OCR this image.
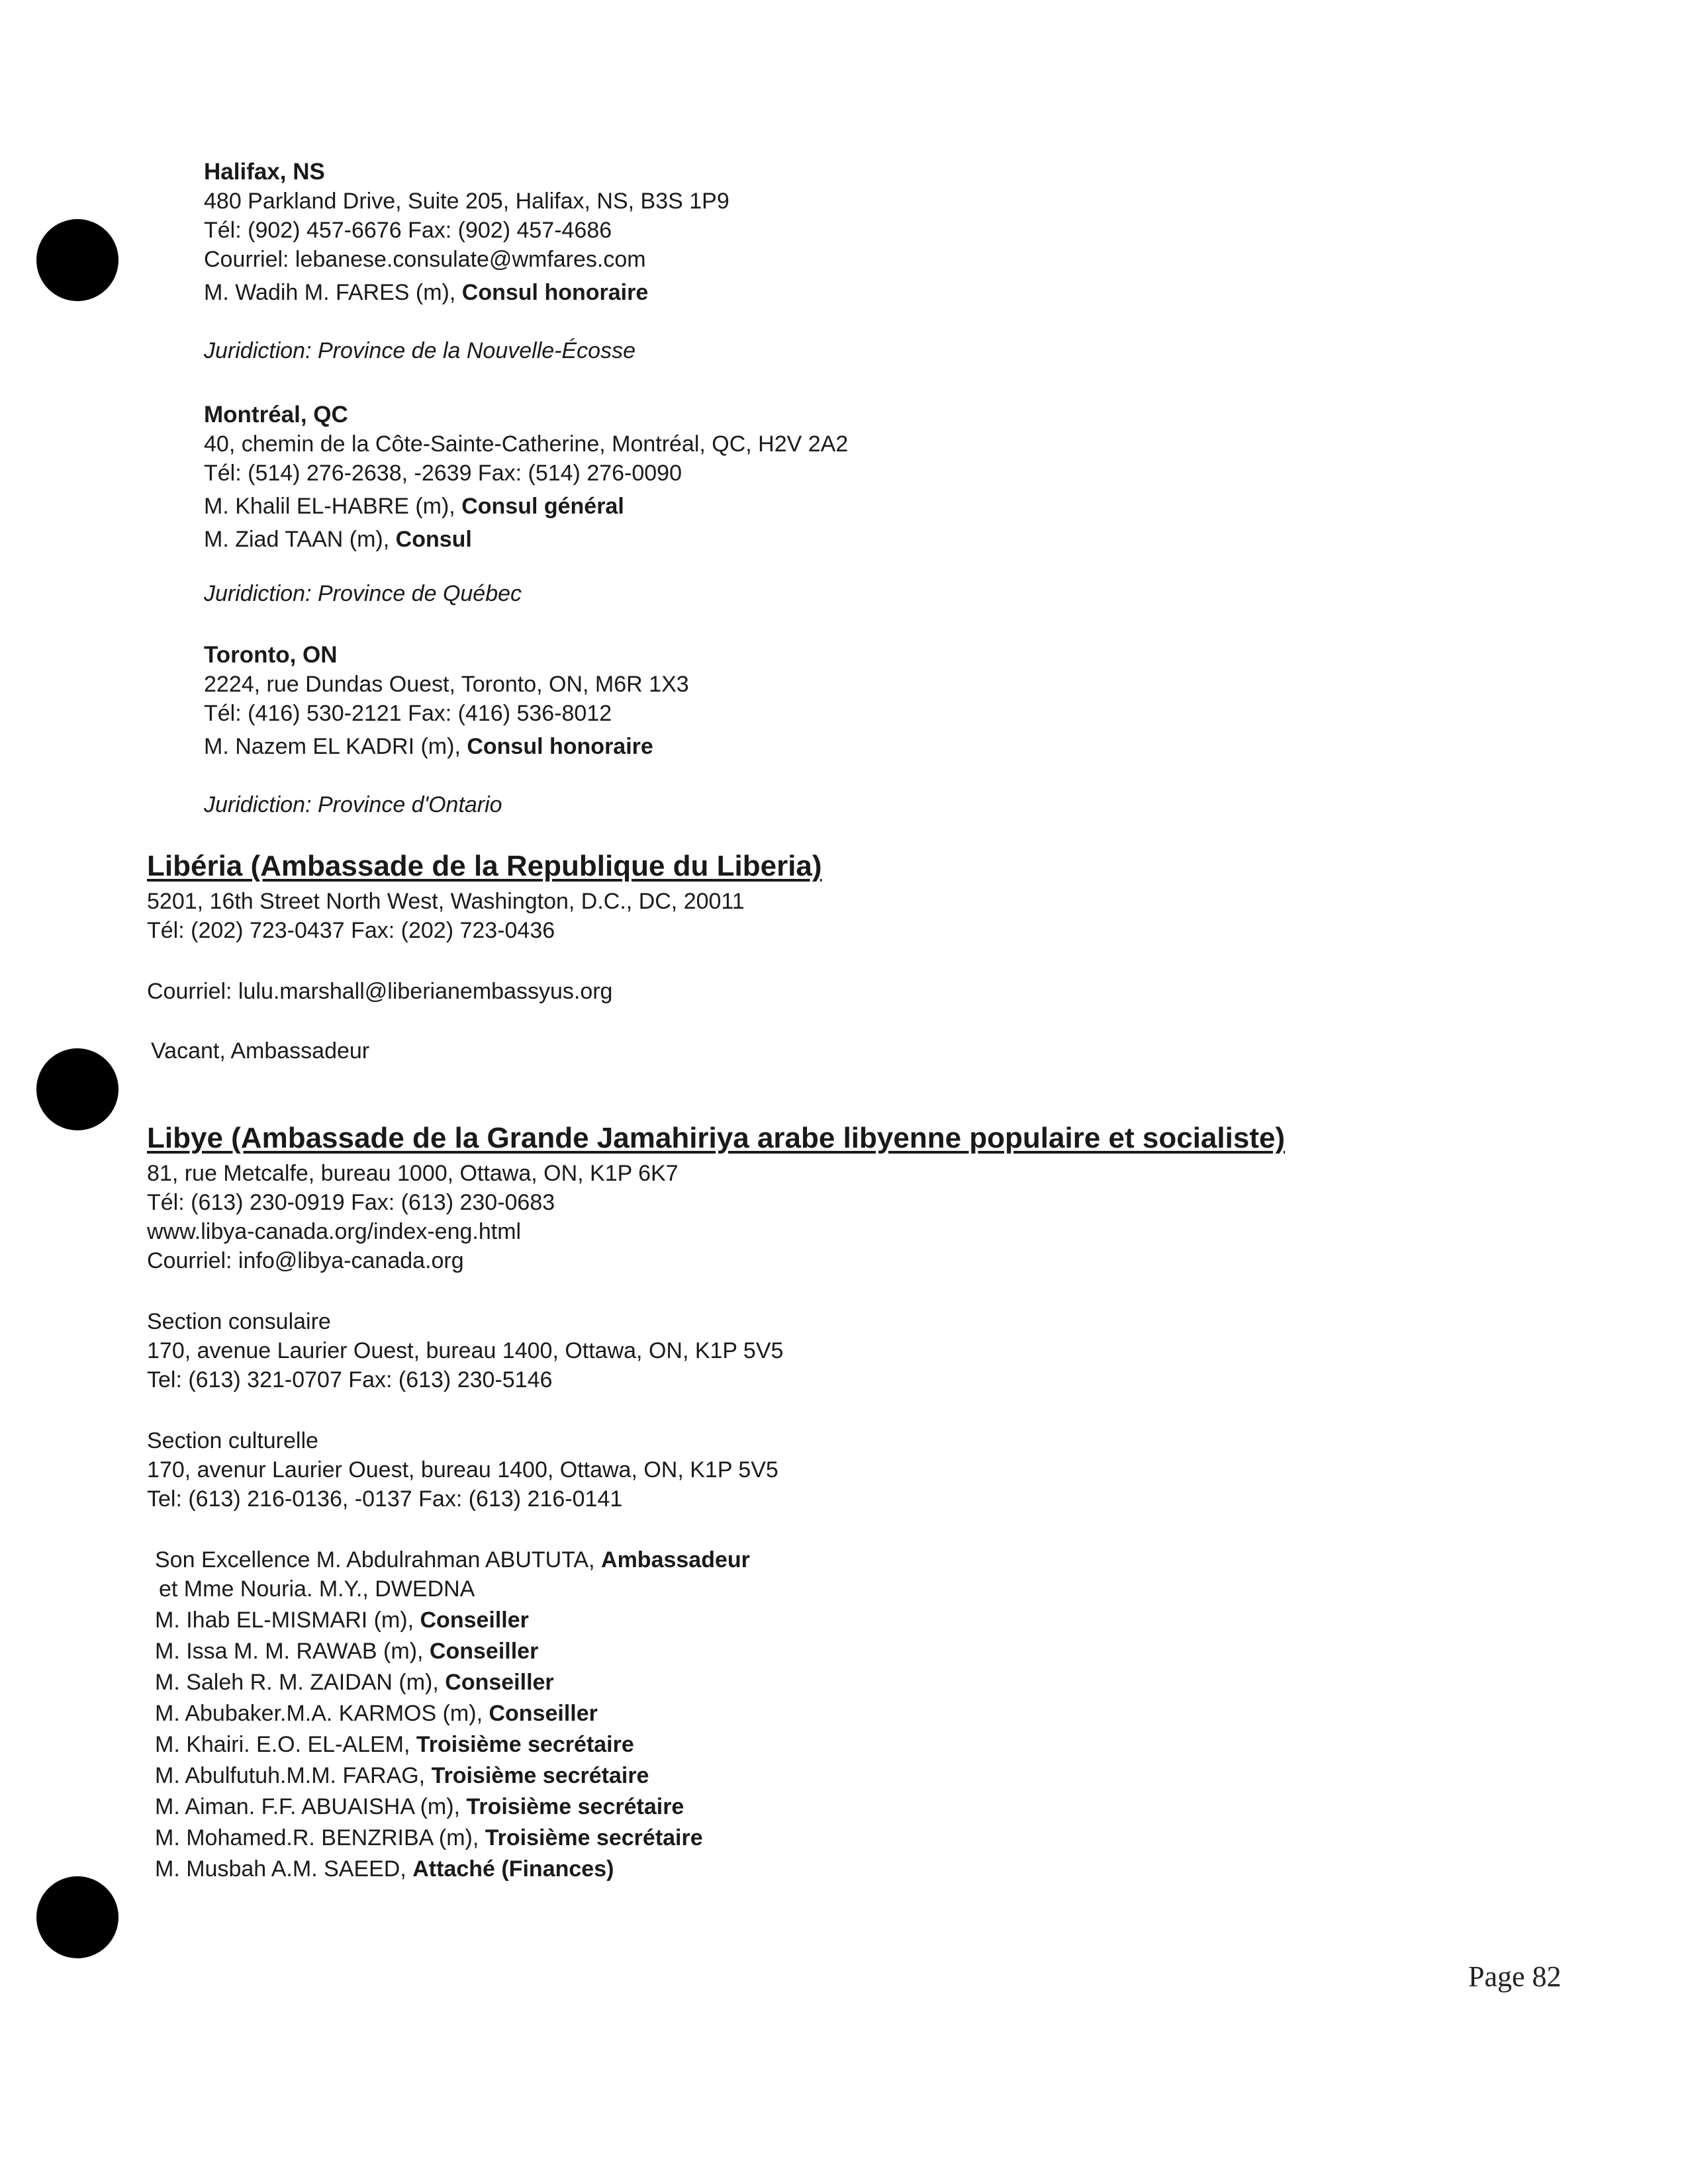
Halifax, NS
480 Parkland Drive, Suite 205, Halifax, NS, B3S 1P9
Tél: (902) 457-6676 Fax: (902) 457-4686
Courriel: lebanese.consulate@wmfares.com
M. Wadih M. FARES (m), Consul honoraire
Juridiction: Province de la Nouvelle-Écosse
Montréal, QC
40, chemin de la Côte-Sainte-Catherine, Montréal, QC, H2V 2A2
Tél: (514) 276-2638, -2639 Fax: (514) 276-0090
M. Khalil EL-HABRE (m), Consul général
M. Ziad TAAN (m), Consul
Juridiction: Province de Québec
Toronto, ON
2224, rue Dundas Ouest, Toronto, ON, M6R 1X3
Tél: (416) 530-2121 Fax: (416) 536-8012
M. Nazem EL KADRI (m), Consul honoraire
Juridiction: Province d'Ontario
Libéria (Ambassade de la Republique du Liberia)
5201, 16th Street North West, Washington, D.C., DC, 20011
Tél: (202) 723-0437 Fax: (202) 723-0436
Courriel: lulu.marshall@liberianembassyus.org
Vacant, Ambassadeur
Libye (Ambassade de la Grande Jamahiriya arabe libyenne populaire et socialiste)
81, rue Metcalfe, bureau 1000, Ottawa, ON, K1P 6K7
Tél: (613) 230-0919 Fax: (613) 230-0683
www.libya-canada.org/index-eng.html
Courriel: info@libya-canada.org
Section consulaire
170, avenue Laurier Ouest, bureau 1400, Ottawa, ON, K1P 5V5
Tel: (613) 321-0707 Fax: (613) 230-5146
Section culturelle
170, avenur Laurier Ouest, bureau 1400, Ottawa, ON, K1P 5V5
Tel: (613) 216-0136, -0137 Fax: (613) 216-0141
Son Excellence M. Abdulrahman ABUTUTA, Ambassadeur
et Mme Nouria. M.Y., DWEDNA
M. Ihab EL-MISMARI (m), Conseiller
M. Issa M. M. RAWAB (m), Conseiller
M. Saleh R. M. ZAIDAN (m), Conseiller
M. Abubaker.M.A. KARMOS (m), Conseiller
M. Khairi. E.O. EL-ALEM, Troisième secrétaire
M. Abulfutuh.M.M. FARAG, Troisième secrétaire
M. Aiman. F.F. ABUAISHA (m), Troisième secrétaire
M. Mohamed.R. BENZRIBA (m), Troisième secrétaire
M. Musbah A.M. SAEED, Attaché (Finances)
Page 82
